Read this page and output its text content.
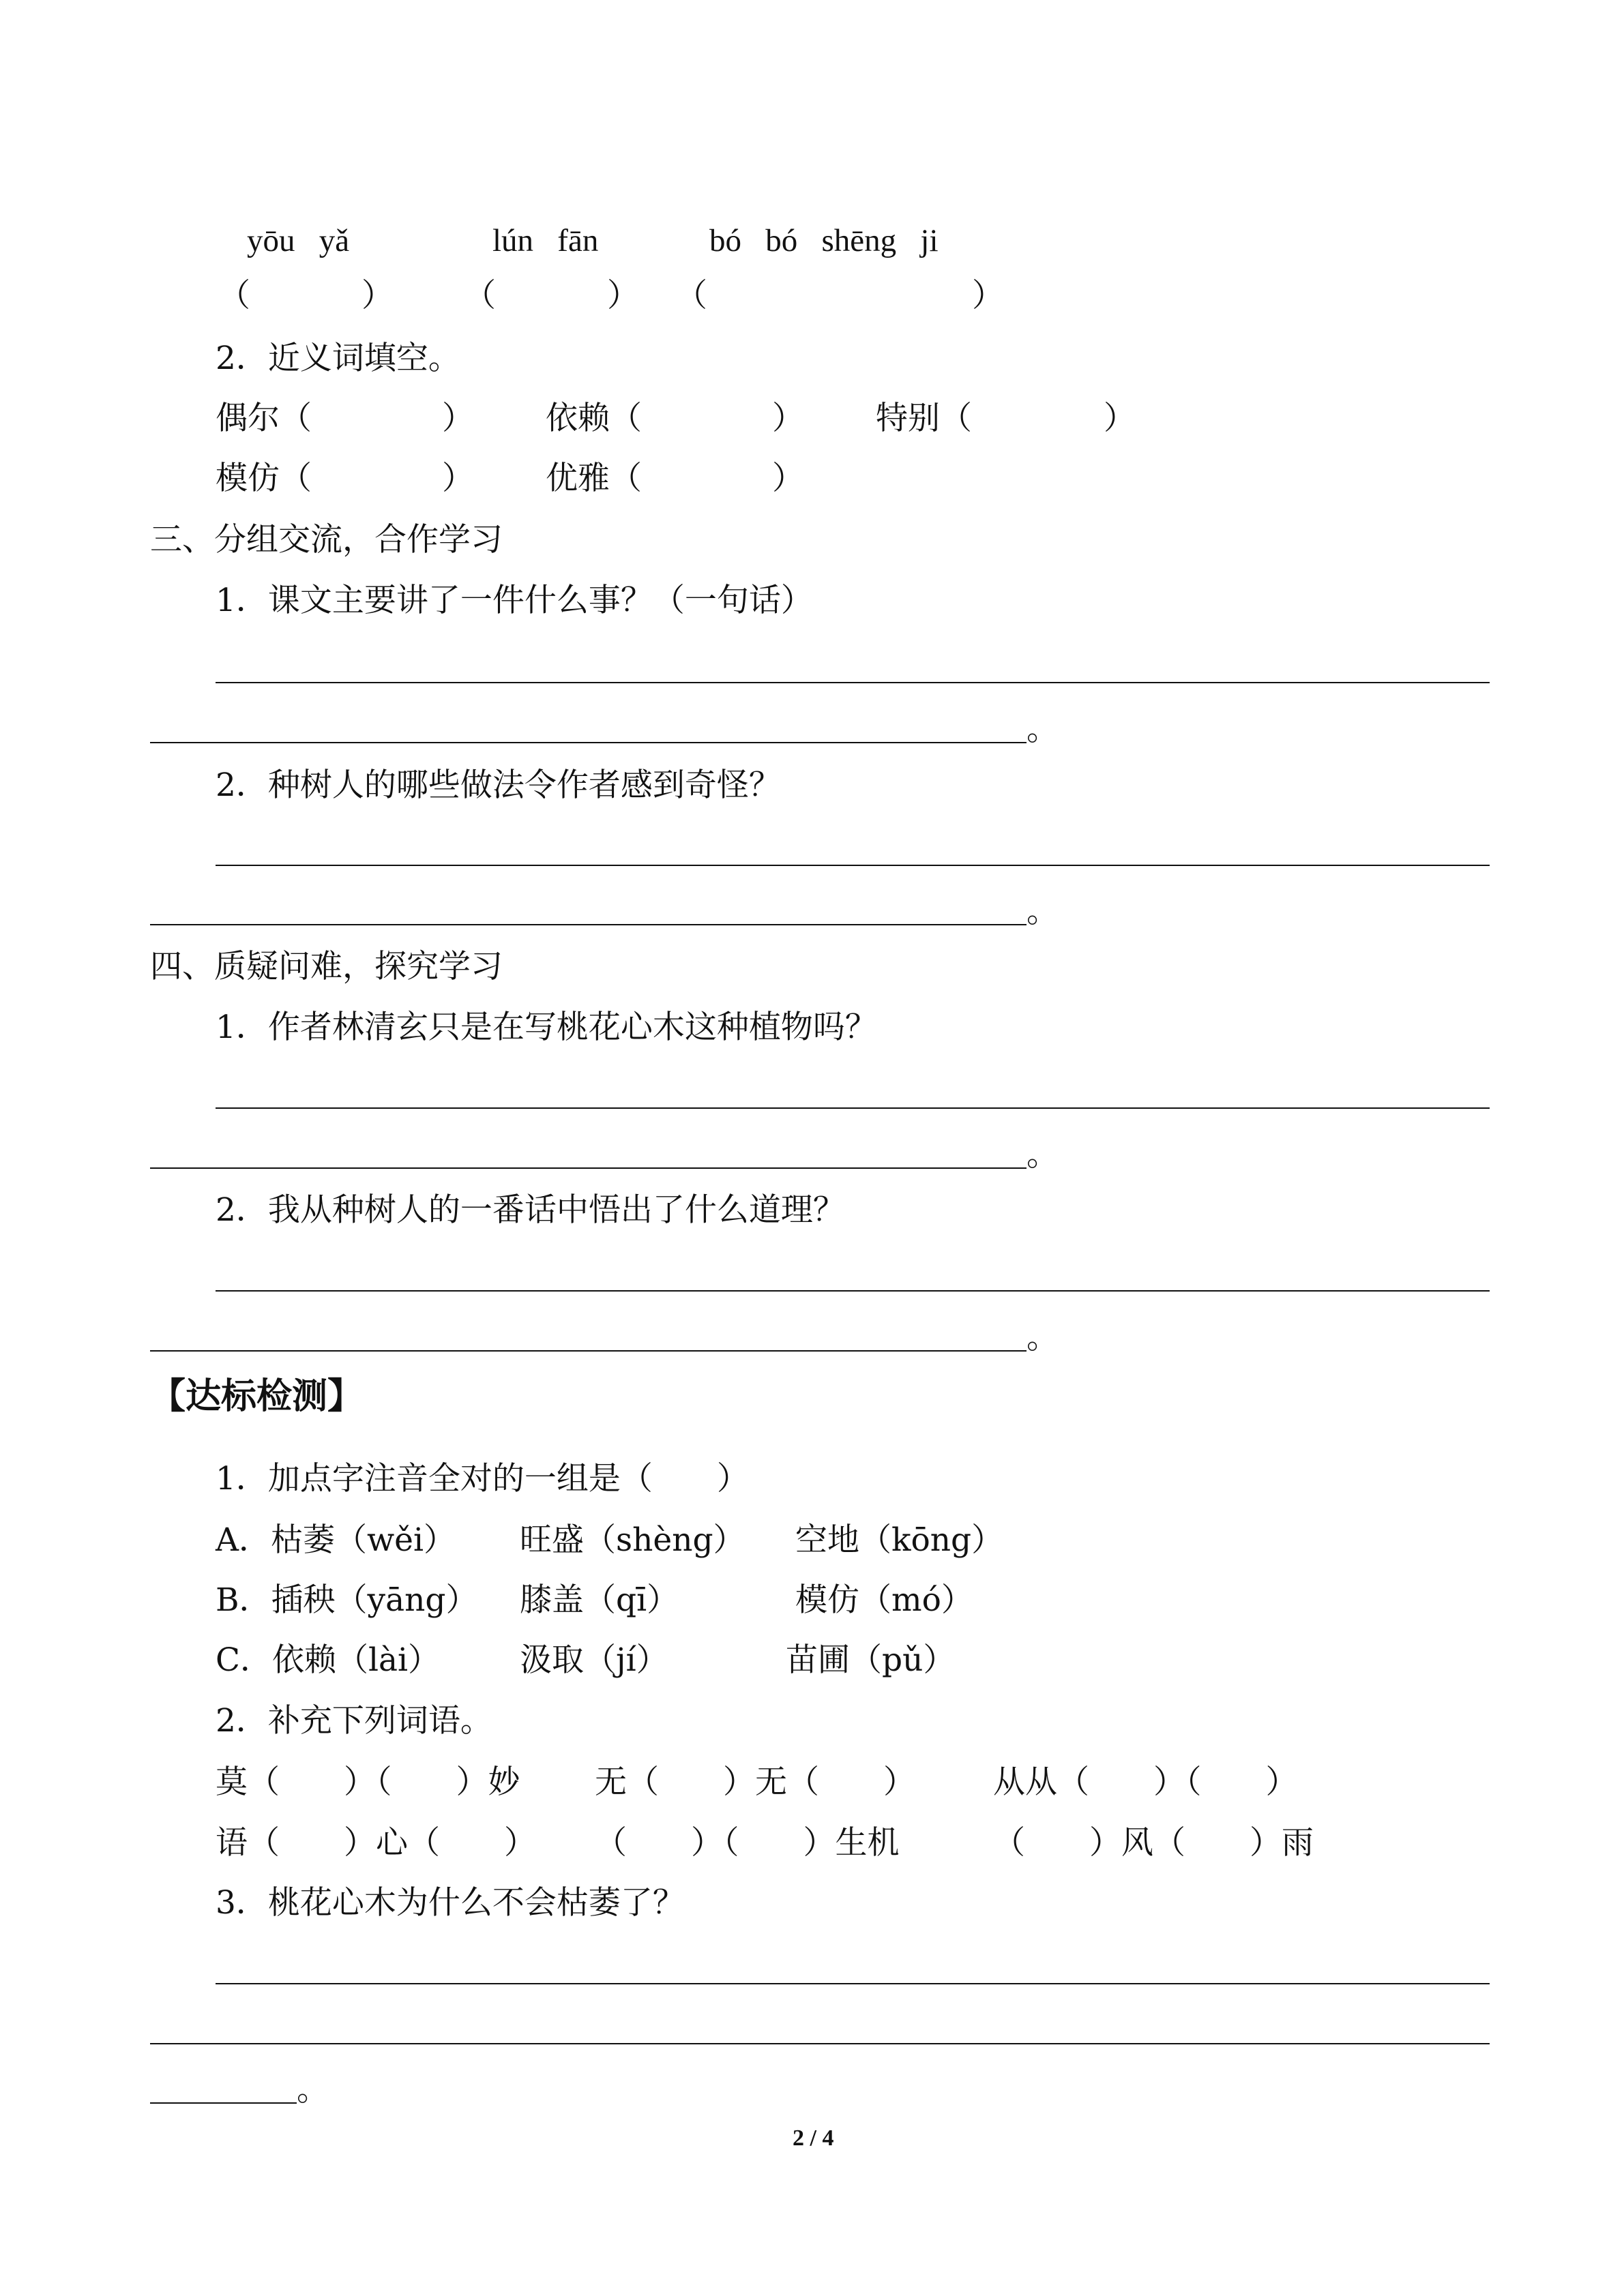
yōu   yǎ	lún   fān	bó   bó   shēng   ji
（	） （	） （	）
2．近义词填空。
偶尔（	） 依赖（	） 特别（	）
模仿（	） 优雅（	）
三、分组交流，合作学习
1．课文主要讲了一件什么事？（一句话）
。
2．种树人的哪些做法令作者感到奇怪？
。
四、质疑问难，探究学习
1．作者林清玄只是在写桃花心木这种植物吗？
。
2．我从种树人的一番话中悟出了什么道理？
。
【达标检测】
1．加点字注音全对的一组是（　　）
A．枯萎（wěi） 旺盛（shèng） 空地（kōng）
B．插秧（yāng） 膝盖（qī）	模仿（mó）
C．依赖（lài） 汲取（jí）	苗圃（pǔ）
2．补充下列词语。
莫（　　）（　　）妙 无（　　）无（　　） 从从（　　）（　　）
语（　　）心（　　） （　　）（　　）生机	（　　）风（　　）雨
3．桃花心木为什么不会枯萎了？
。
2 / 4
